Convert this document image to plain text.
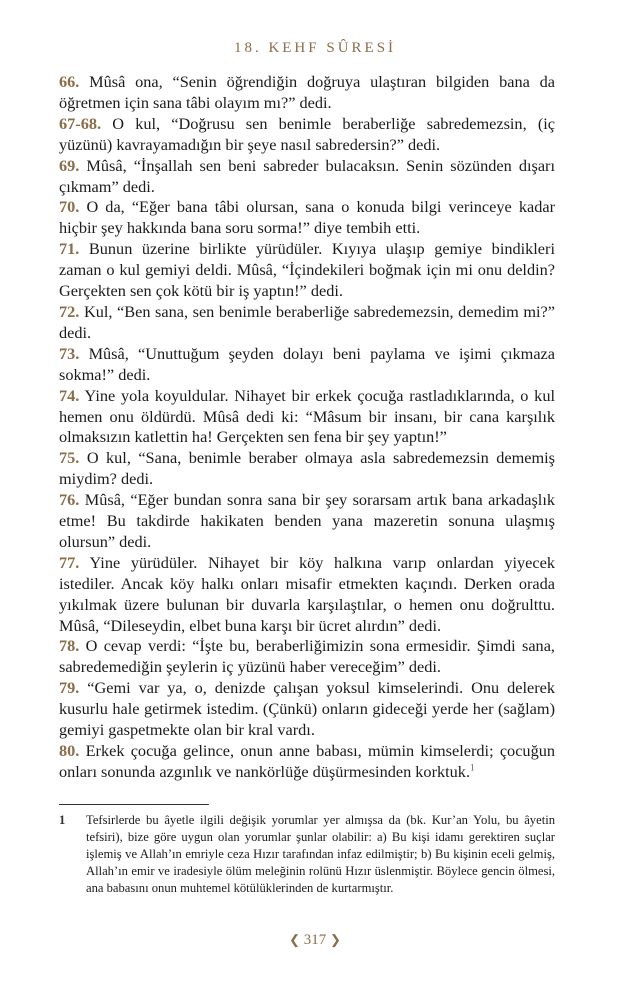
18. KEHF SÛRESİ

66. Mûsâ ona, “Senin öğrendiğin doğruya ulaştıran bilgiden bana da öğretmen için sana tâbi olayım mı?” dedi.

67-68. O kul, “Doğrusu sen benimle beraberliğe sabredemezsin, (iç yüzünü) kavrayamadığın bir şeye nasıl sabredersin?” dedi.

69. Mûsâ, “İnşallah sen beni sabreder bulacaksın. Senin sözünden dışarı çıkmam” dedi.

70. O da, “Eğer bana tâbi olursan, sana o konuda bilgi verinceye kadar hiçbir şey hakkında bana soru sorma!” diye tembih etti.

71. Bunun üzerine birlikte yürüdüler. Kıyıya ulaşıp gemiye bindikleri zaman o kul gemiyi deldi. Mûsâ, “İçindekileri boğmak için mi onu deldin? Gerçekten sen çok kötü bir iş yaptın!” dedi.

72. Kul, “Ben sana, sen benimle beraberliğe sabredemezsin, demedim mi?” dedi.

73. Mûsâ, “Unuttuğum şeyden dolayı beni paylama ve işimi çıkmaza sokma!” dedi.

74. Yine yola koyuldular. Nihayet bir erkek çocuğa rastladıklarında, o kul hemen onu öldürdü. Mûsâ dedi ki: “Mâsum bir insanı, bir cana karşılık olmaksızın katlettin ha! Gerçekten sen fena bir şey yaptın!”

75. O kul, “Sana, benimle beraber olmaya asla sabredemezsin dememiş miydim? dedi.

76. Mûsâ, “Eğer bundan sonra sana bir şey sorarsam artık bana arkadaşlık etme! Bu takdirde hakikaten benden yana mazeretin sonuna ulaşmış olursun” dedi.

77. Yine yürüdüler. Nihayet bir köy halkına varıp onlardan yiyecek istediler. Ancak köy halkı onları misafir etmekten kaçındı. Derken orada yıkılmak üzere bulunan bir duvarla karşılaştılar, o hemen onu doğrulttu. Mûsâ, “Dileseydin, elbet buna karşı bir ücret alırdın” dedi.

78. O cevap verdi: “İşte bu, beraberliğimizin sona ermesidir. Şimdi sana, sabredemediğin şeylerin iç yüzünü haber vereceğim” dedi.

79. “Gemi var ya, o, denizde çalışan yoksul kimselerindi. Onu delerek kusurlu hale getirmek istedim. (Çünkü) onların gideceği yerde her (sağlam) gemiyi gaspetmekte olan bir kral vardı.

80. Erkek çocuğa gelince, onun anne babası, mümin kimselerdi; çocuğun onları sonunda azgınlık ve nankörlüğe düşürmesinden korktuk.$^1$

1 Tefsirlerde bu âyetle ilgili değişik yorumlar yer almışsa da (bk. Kur’an Yolu, bu âyetin tefsiri), bize göre uygun olan yorumlar şunlar olabilir: a) Bu kişi idamı gerektiren suçlar işlemiş ve Allah’ın emriyle ceza Hızır tarafından infaz edilmiştir; b) Bu kişinin eceli gelmiş, Allah’ın emir ve iradesiyle ölüm meleğinin rolünü Hızır üslenmiştir. Böylece gencin ölmesi, ana babasını onun muhtemel kötülüklerinden de kurtarmıştır.
❮ 317 ❯
